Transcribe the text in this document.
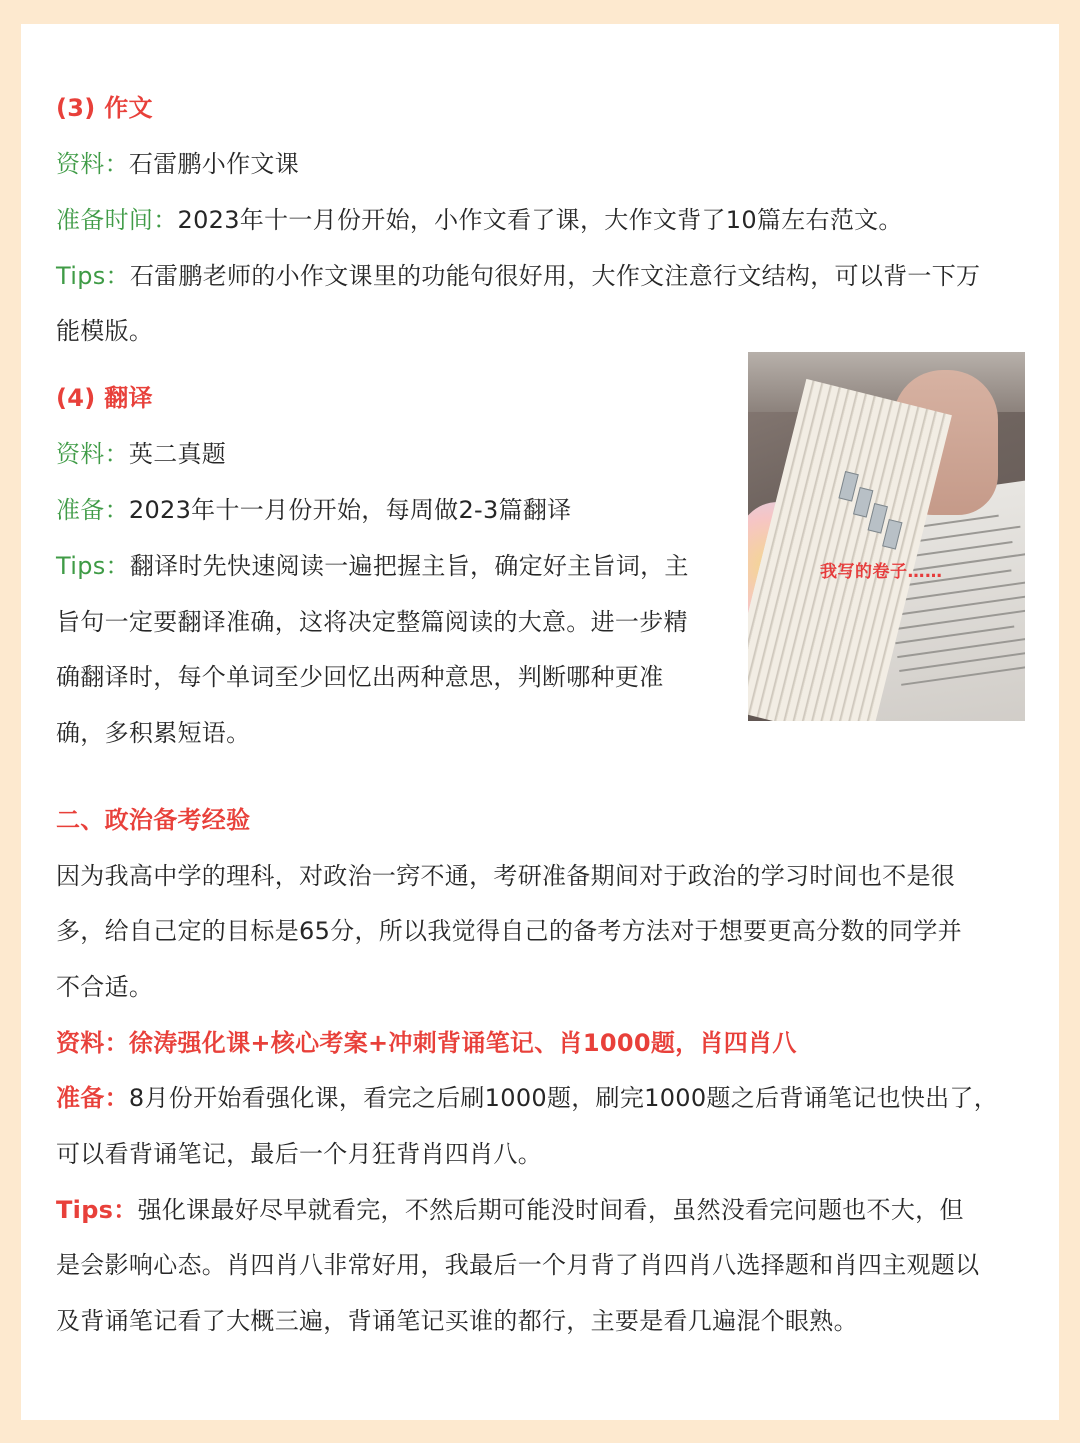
(3) 作文

资料：石雷鹏小作文课

准备时间：2023年十一月份开始，小作文看了课，大作文背了10篇左右范文。

Tips：石雷鹏老师的小作文课里的功能句很好用，大作文注意行文结构，可以背一下万

能模版。

(4) 翻译

资料：英二真题

准备：2023年十一月份开始，每周做2-3篇翻译

Tips：翻译时先快速阅读一遍把握主旨，确定好主旨词，主

旨句一定要翻译准确，这将决定整篇阅读的大意。进一步精

确翻译时，每个单词至少回忆出两种意思，判断哪种更准

确，多积累短语。

我写的卷子……

二、政治备考经验

因为我高中学的理科，对政治一窍不通，考研准备期间对于政治的学习时间也不是很

多，给自己定的目标是65分，所以我觉得自己的备考方法对于想要更高分数的同学并

不合适。

资料：徐涛强化课+核心考案+冲刺背诵笔记、肖1000题，肖四肖八

准备：8月份开始看强化课，看完之后刷1000题，刷完1000题之后背诵笔记也快出了，

可以看背诵笔记，最后一个月狂背肖四肖八。

Tips：强化课最好尽早就看完，不然后期可能没时间看，虽然没看完问题也不大，但

是会影响心态。肖四肖八非常好用，我最后一个月背了肖四肖八选择题和肖四主观题以

及背诵笔记看了大概三遍，背诵笔记买谁的都行，主要是看几遍混个眼熟。
